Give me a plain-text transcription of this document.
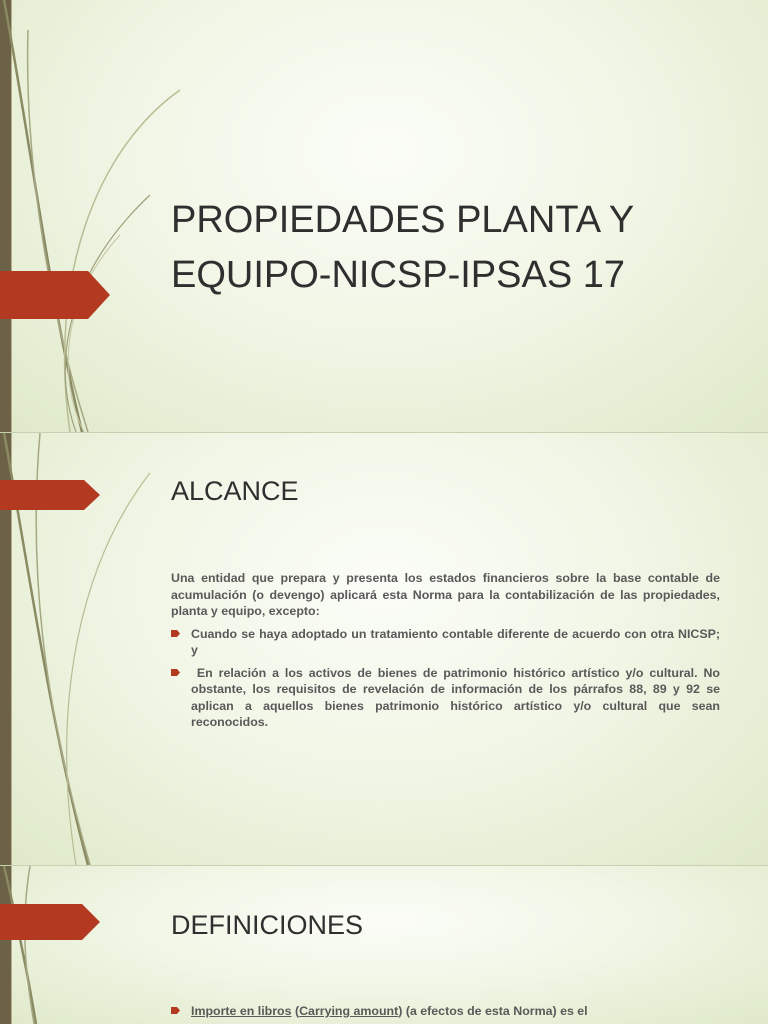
PROPIEDADES PLANTA Y EQUIPO-NICSP-IPSAS 17
ALCANCE

Una entidad que prepara y presenta los estados financieros sobre la base contable de acumulación (o devengo) aplicará esta Norma para la contabilización de las propiedades, planta y equipo, excepto:

Cuando se haya adoptado un tratamiento contable diferente de acuerdo con otra NICSP; y
En relación a los activos de bienes de patrimonio histórico artístico y/o cultural. No obstante, los requisitos de revelación de información de los párrafos 88, 89 y 92 se aplican a aquellos bienes patrimonio histórico artístico y/o cultural que sean reconocidos.
DEFINICIONES
Importe en libros (Carrying amount) (a efectos de esta Norma) es el
